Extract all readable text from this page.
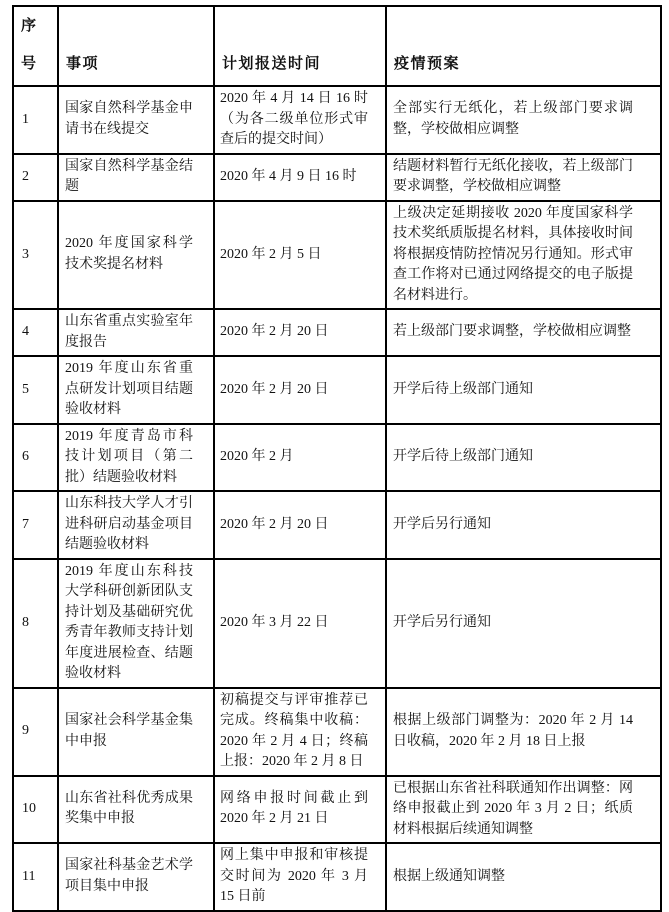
序号	事项	计划报送时间	疫情预案
1	国家自然科学基金申请书在线提交	2020 年 4 月 14 日 16 时（为各二级单位形式审查后的提交时间）	全部实行无纸化，若上级部门要求调整，学校做相应调整
2	国家自然科学基金结题	2020 年 4 月 9 日 16 时	结题材料暂行无纸化接收，若上级部门要求调整，学校做相应调整
3	2020 年度国家科学技术奖提名材料	2020 年 2 月 5 日	上级决定延期接收 2020 年度国家科学技术奖纸质版提名材料，具体接收时间将根据疫情防控情况另行通知。形式审查工作将对已通过网络提交的电子版提名材料进行。
4	山东省重点实验室年度报告	2020 年 2 月 20 日	若上级部门要求调整，学校做相应调整
5	2019 年度山东省重点研发计划项目结题验收材料	2020 年 2 月 20 日	开学后待上级部门通知
6	2019 年度青岛市科技计划项目（第二批）结题验收材料	2020 年 2 月	开学后待上级部门通知
7	山东科技大学人才引进科研启动基金项目结题验收材料	2020 年 2 月 20 日	开学后另行通知
8	2019 年度山东科技大学科研创新团队支持计划及基础研究优秀青年教师支持计划年度进展检查、结题验收材料	2020 年 3 月 22 日	开学后另行通知
9	国家社会科学基金集中申报	初稿提交与评审推荐已完成。终稿集中收稿：2020 年 2 月 4 日；终稿上报：2020 年 2 月 8 日	根据上级部门调整为：2020 年 2 月 14 日收稿，2020 年 2 月 18 日上报
10	山东省社科优秀成果奖集中申报	网络申报时间截止到 2020 年 2 月 21 日	已根据山东省社科联通知作出调整：网络申报截止到 2020 年 3 月 2 日；纸质材料根据后续通知调整
11	国家社科基金艺术学项目集中申报	网上集中申报和审核提交时间为 2020 年 3 月 15 日前	根据上级通知调整
